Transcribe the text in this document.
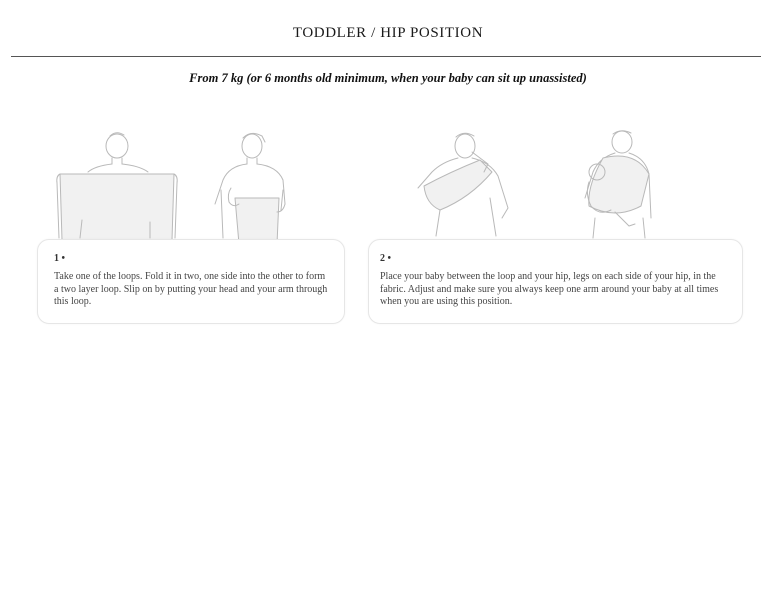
TODDLER / HIP POSITION
From 7 kg (or 6 months old minimum, when your baby can sit up unassisted)
1 •
Take one of the loops. Fold it in two, one side into the other to form a two layer loop. Slip on by putting your head and your arm through this loop.
2 •
Place your baby between the loop and your hip, legs on each side of your hip, in the fabric. Adjust and make sure you always keep one arm around your baby at all times when you are using this position.
